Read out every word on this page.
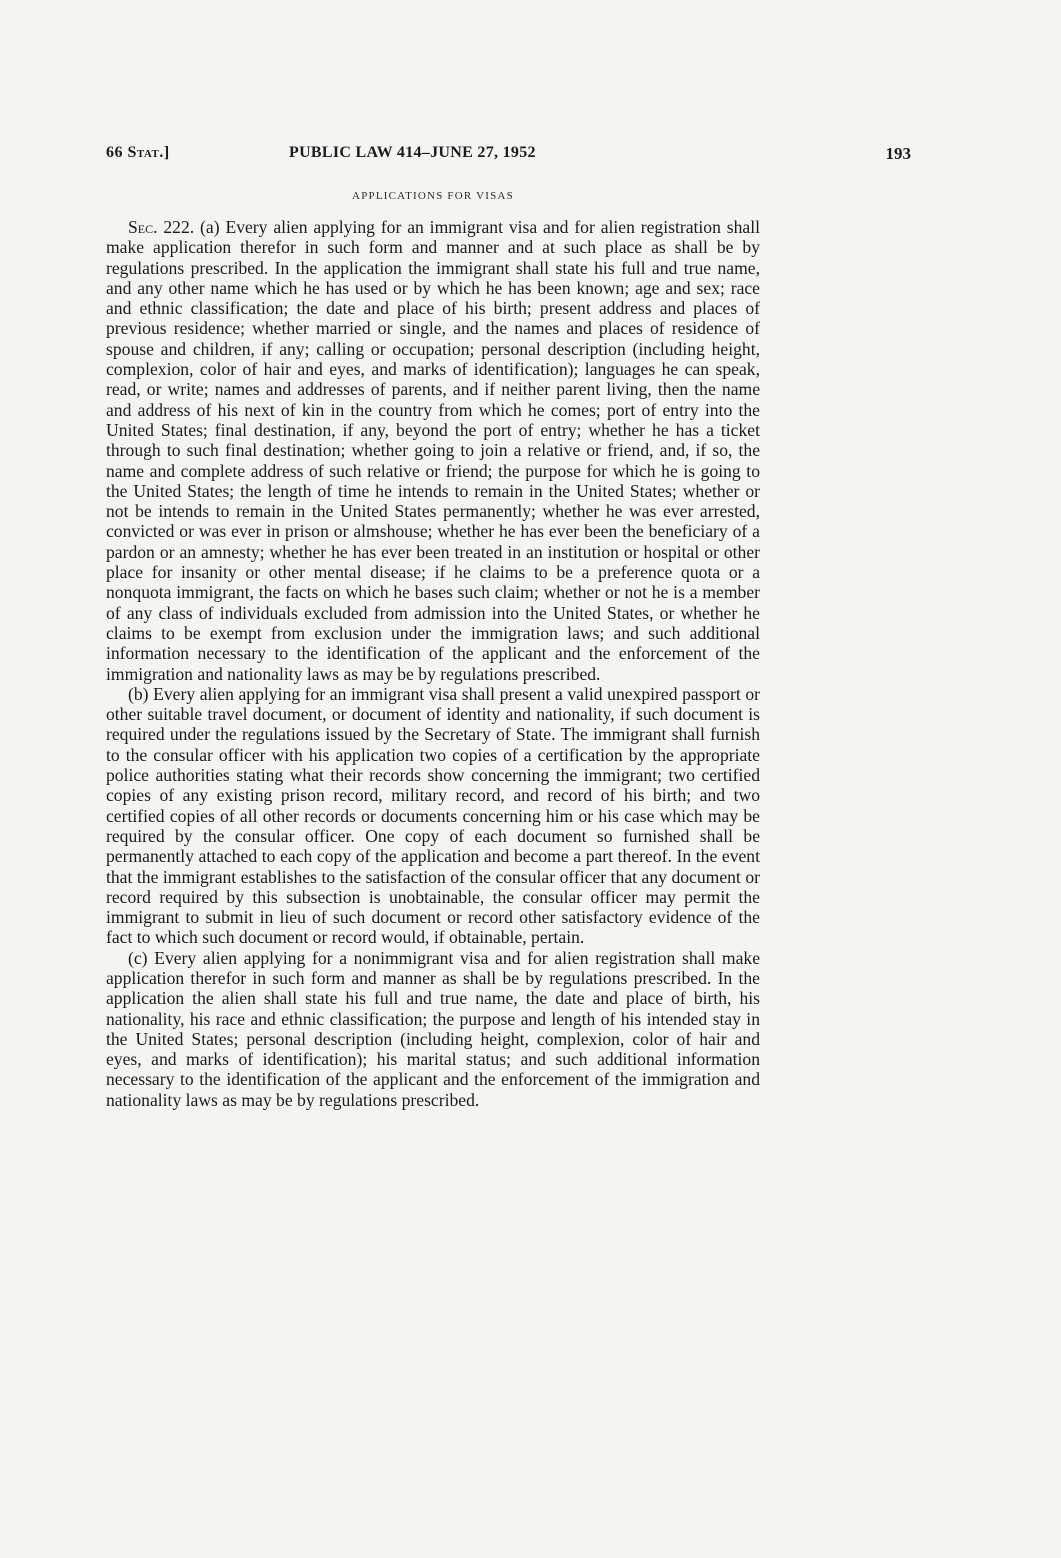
66 Stat.]	PUBLIC LAW 414–JUNE 27, 1952	193
APPLICATIONS FOR VISAS

Sec. 222. (a) Every alien applying for an immigrant visa and for alien registration shall make application therefor in such form and manner and at such place as shall be by regulations prescribed. In the application the immigrant shall state his full and true name, and any other name which he has used or by which he has been known; age and sex; race and ethnic classification; the date and place of his birth; present address and places of previous residence; whether married or single, and the names and places of residence of spouse and children, if any; calling or occupation; personal description (including height, complexion, color of hair and eyes, and marks of identification); languages he can speak, read, or write; names and addresses of parents, and if neither parent living, then the name and address of his next of kin in the country from which he comes; port of entry into the United States; final destination, if any, beyond the port of entry; whether he has a ticket through to such final destination; whether going to join a relative or friend, and, if so, the name and complete address of such relative or friend; the purpose for which he is going to the United States; the length of time he intends to remain in the United States; whether or not be intends to remain in the United States permanently; whether he was ever arrested, convicted or was ever in prison or almshouse; whether he has ever been the beneficiary of a pardon or an amnesty; whether he has ever been treated in an institution or hospital or other place for insanity or other mental disease; if he claims to be a preference quota or a nonquota immigrant, the facts on which he bases such claim; whether or not he is a member of any class of individuals excluded from admission into the United States, or whether he claims to be exempt from exclusion under the immigration laws; and such additional information necessary to the identification of the applicant and the enforcement of the immigration and nationality laws as may be by regulations prescribed.

(b) Every alien applying for an immigrant visa shall present a valid unexpired passport or other suitable travel document, or document of identity and nationality, if such document is required under the regulations issued by the Secretary of State. The immigrant shall furnish to the consular officer with his application two copies of a certification by the appropriate police authorities stating what their records show concerning the immigrant; two certified copies of any existing prison record, military record, and record of his birth; and two certified copies of all other records or documents concerning him or his case which may be required by the consular officer. One copy of each document so furnished shall be permanently attached to each copy of the application and become a part thereof. In the event that the immigrant establishes to the satisfaction of the consular officer that any document or record required by this subsection is unobtainable, the consular officer may permit the immigrant to submit in lieu of such document or record other satisfactory evidence of the fact to which such document or record would, if obtainable, pertain.

(c) Every alien applying for a nonimmigrant visa and for alien registration shall make application therefor in such form and manner as shall be by regulations prescribed. In the application the alien shall state his full and true name, the date and place of birth, his nationality, his race and ethnic classification; the purpose and length of his intended stay in the United States; personal description (including height, complexion, color of hair and eyes, and marks of identification); his marital status; and such additional information necessary to the identification of the applicant and the enforcement of the immigration and nationality laws as may be by regulations prescribed.
